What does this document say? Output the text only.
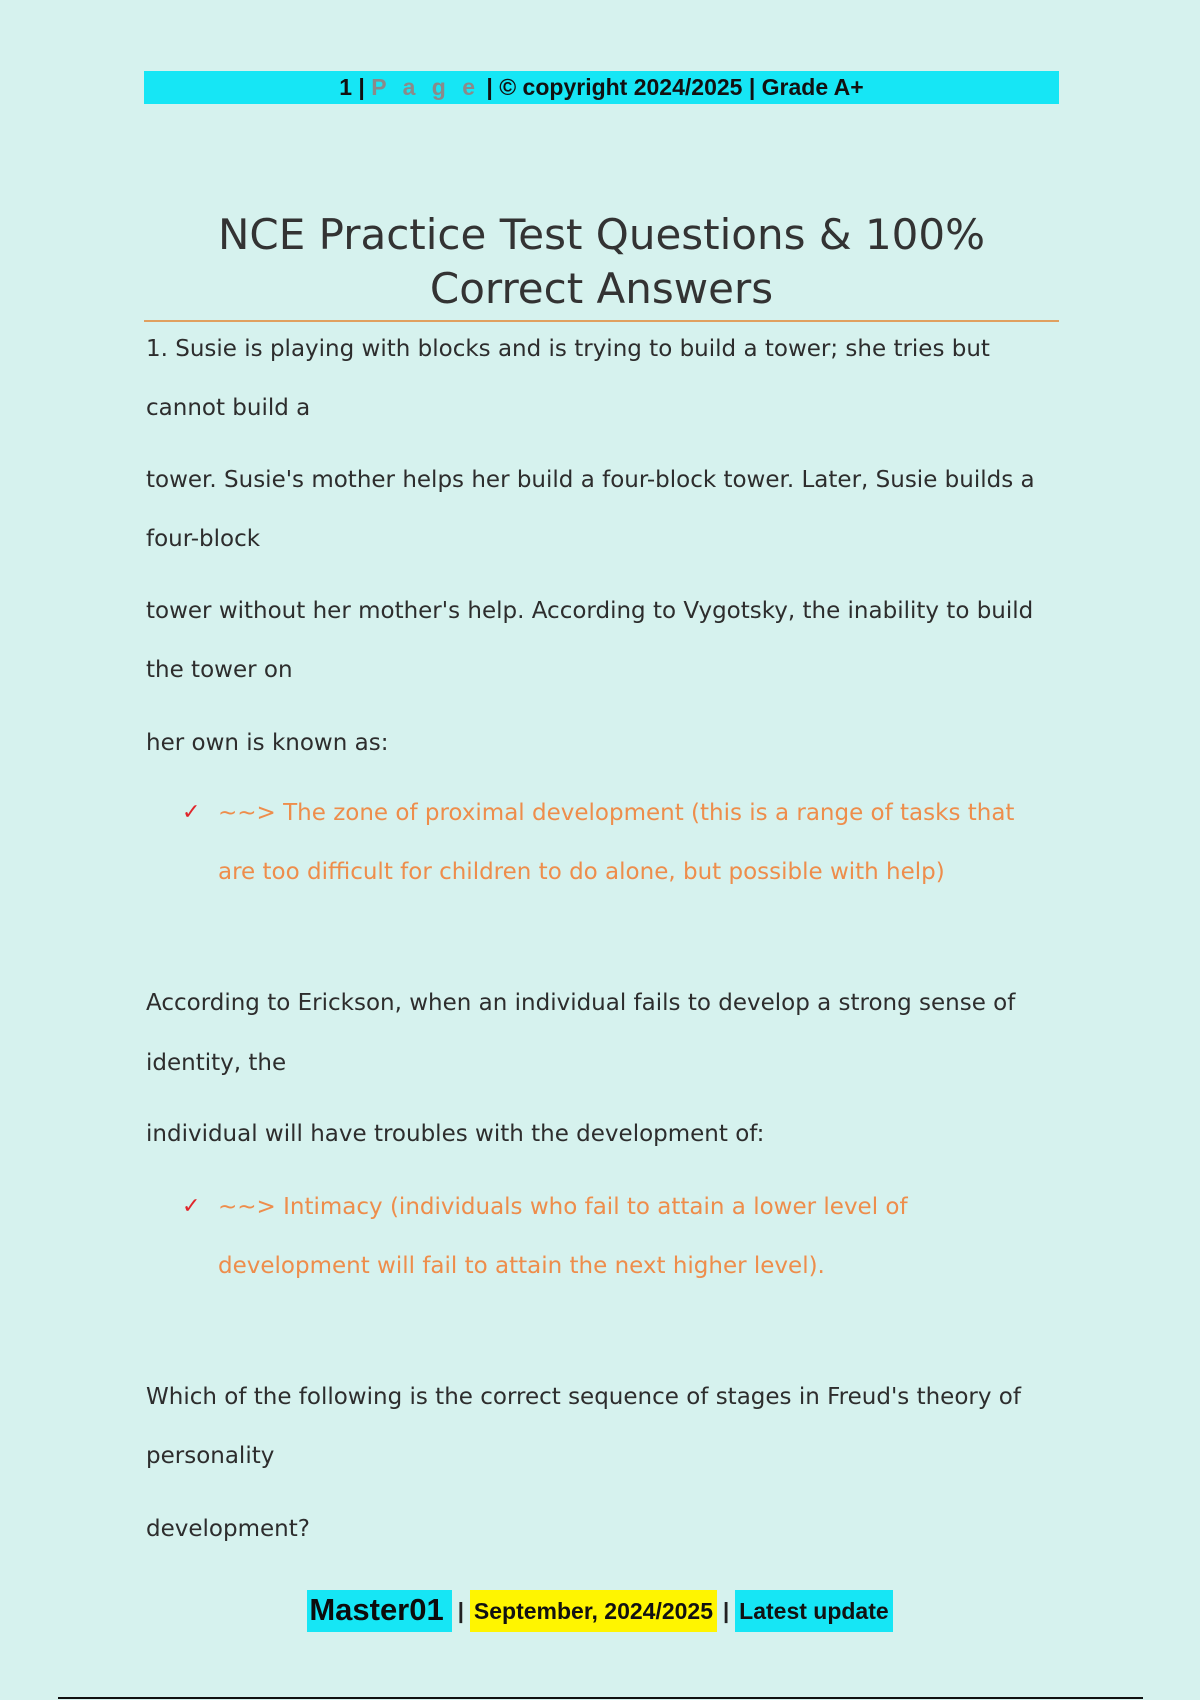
1 | P a g e | © copyright 2024/2025 | Grade A+
NCE Practice Test Questions & 100%
Correct Answers
1. Susie is playing with blocks and is trying to build a tower; she tries but
cannot build a
tower. Susie's mother helps her build a four-block tower. Later, Susie builds a
four-block
tower without her mother's help. According to Vygotsky, the inability to build
the tower on
her own is known as:
✓ ~~> The zone of proximal development (this is a range of tasks that
are too difficult for children to do alone, but possible with help)
According to Erickson, when an individual fails to develop a strong sense of
identity, the
individual will have troubles with the development of:
✓ ~~> Intimacy (individuals who fail to attain a lower level of
development will fail to attain the next higher level).
Which of the following is the correct sequence of stages in Freud's theory of
personality
development?
Master01 | September, 2024/2025 | Latest update
